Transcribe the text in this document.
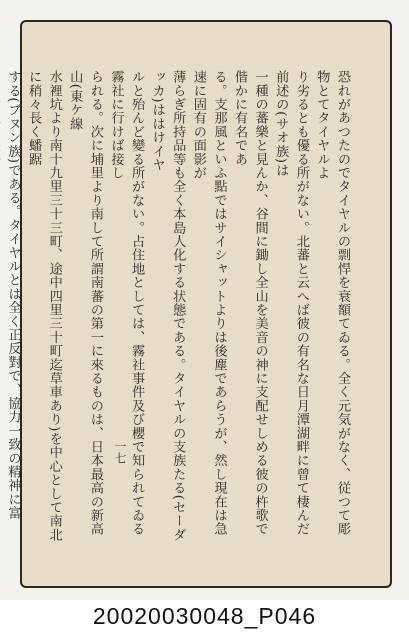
恐れがあつたのでタイヤルの剽悍を衰額てゐる。全く元気がなく、従つて彫物とてタイヤルよ

り劣るとも優る所がない。北蕃と云へば彼の有名な日月潭湖畔に曾て棲んだ前述の(サオ族)は

一種の蕃樂と見んか、谷間に鋤し全山を美音の神に支配せしめる彼の杵歌で偕かに有名であ

る。支那風といふ點ではサイシャットよりは後塵であらうが、然し現在は急速に固有の面影が

薄らぎ所持品等も全く本島人化する状態である。タイヤルの支族たる(セーダッカ)ははけイヤ

ルと殆んど變る所がない。占住地としては、霧社事件及び櫻で知られてゐる霧社に行けば接し

られる。次に埔里より南して所謂南蕃の第一に來るものは、日本最高の新高山(東ケ線

水裡坑より南十九里三十三町、途中四里三十町迄草車あり)を中心として南北に稍々長く蟠踞

する(ブヌン族)である。タイヤルとは全く正反對で、協力一致の精神に富

一七
20020030048_P046
